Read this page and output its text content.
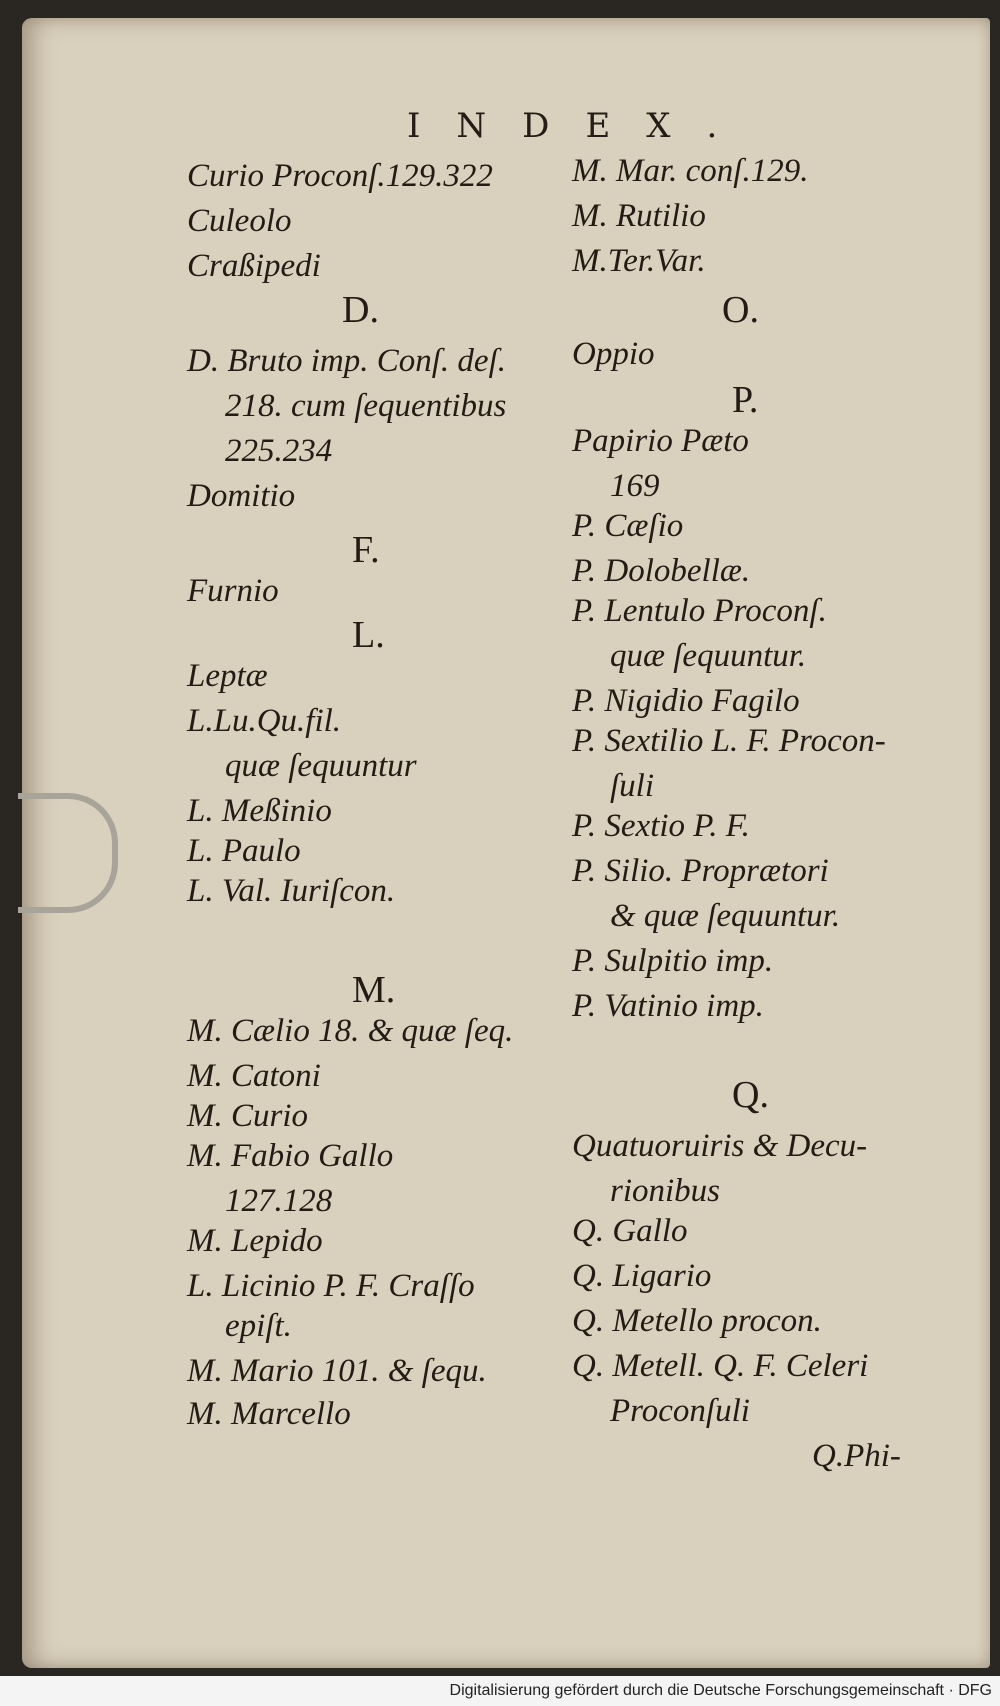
INDEX.
Curio Proconſ.129.322
Culeolo
Craßipedi
D.
D. Bruto imp. Conſ. deſ.
218. cum ſequentibus
225.234
Domitio
F.
Furnio
L.
Leptæ
L.Lu.Qu.fil.
quæ ſequuntur
L. Meßinio
L. Paulo
L. Val. Iuriſcon.
M.
M. Cælio 18. & quæ ſeq.
M. Catoni
M. Curio
M. Fabio Gallo
127.128
M. Lepido
L. Licinio P. F. Craſſo
epiſt.
M. Mario 101. & ſequ.
M. Marcello
M. Mar. conſ.129.
M. Rutilio
M.Ter.Var.
O.
Oppio
P.
Papirio Pæto
169
P. Cæſio
P. Dolobellæ.
P. Lentulo Proconſ.
quæ ſequuntur.
P. Nigidio Fagilo
P. Sextilio L. F. Procon-
ſuli
P. Sextio P. F.
P. Silio. Proprætori
& quæ ſequuntur.
P. Sulpitio imp.
P. Vatinio imp.
Q.
Quatuoruiris & Decu-
rionibus
Q. Gallo
Q. Ligario
Q. Metello procon.
Q. Metell. Q. F. Celeri
Proconſuli
Q.Phi-
Digitalisierung gefördert durch die Deutsche Forschungsgemeinschaft · DFG
